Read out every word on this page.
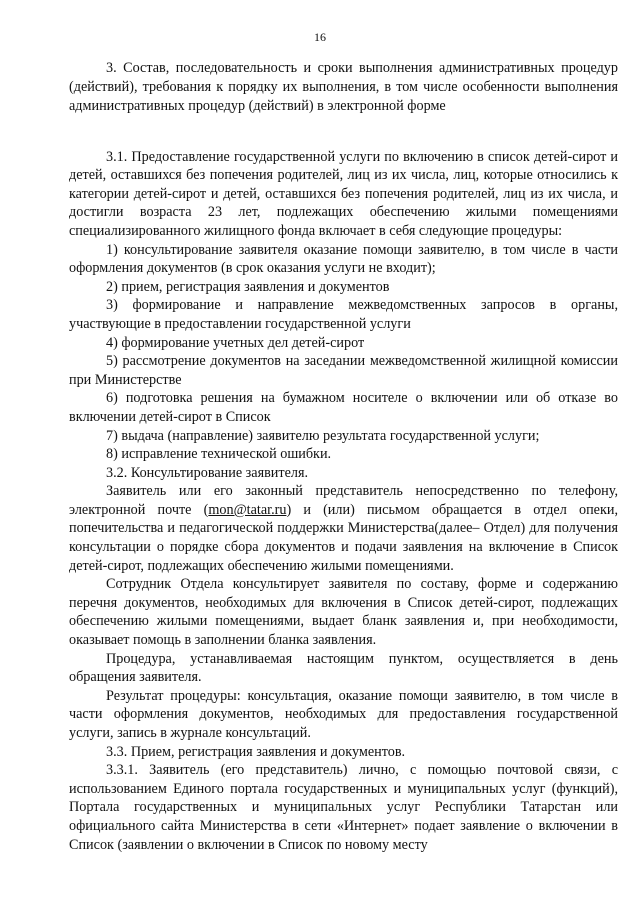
16

3. Состав, последовательность и сроки выполнения административных процедур (действий), требования к порядку их выполнения, в том числе особенности выполнения административных процедур (действий) в электронной форме

3.1. Предоставление государственной услуги по включению в список детей-сирот и детей, оставшихся без попечения родителей, лиц из их числа, лиц, которые относились к категории детей-сирот и детей, оставшихся без попечения родителей, лиц из их числа, и достигли возраста 23 лет, подлежащих обеспечению жилыми помещениями специализированного жилищного фонда включает в себя следующие процедуры:

1) консультирование заявителя оказание помощи заявителю, в том числе в части оформления документов (в срок оказания услуги не входит);

2) прием, регистрация заявления и документов

3) формирование и направление межведомственных запросов в органы, участвующие в предоставлении государственной услуги

4) формирование учетных дел детей-сирот

5) рассмотрение документов на заседании межведомственной жилищной комиссии при Министерстве

6) подготовка решения на бумажном носителе о включении или об отказе во включении детей-сирот в Список

7) выдача (направление) заявителю результата государственной услуги;

8) исправление технической ошибки.

3.2. Консультирование заявителя.

Заявитель или его законный представитель непосредственно по телефону, электронной почте (mon@tatar.ru) и (или) письмом обращается в отдел опеки, попечительства и педагогической поддержки Министерства(далее– Отдел) для получения консультации о порядке сбора документов и подачи заявления на включение в Список детей-сирот, подлежащих обеспечению жилыми помещениями.

Сотрудник Отдела консультирует заявителя по составу, форме и содержанию перечня документов, необходимых для включения в Список детей-сирот, подлежащих обеспечению жилыми помещениями, выдает бланк заявления и, при необходимости, оказывает помощь в заполнении бланка заявления.

Процедура, устанавливаемая настоящим пунктом, осуществляется в день обращения заявителя.

Результат процедуры: консультация, оказание помощи заявителю, в том числе в части оформления документов, необходимых для предоставления государственной услуги, запись в журнале консультаций.

3.3. Прием, регистрация заявления и документов.

3.3.1. Заявитель (его представитель) лично, с помощью почтовой связи, с использованием Единого портала государственных и муниципальных услуг (функций), Портала государственных и муниципальных услуг Республики Татарстан или официального сайта Министерства в сети «Интернет» подает заявление о включении в Список (заявлении о включении в Список по новому месту
